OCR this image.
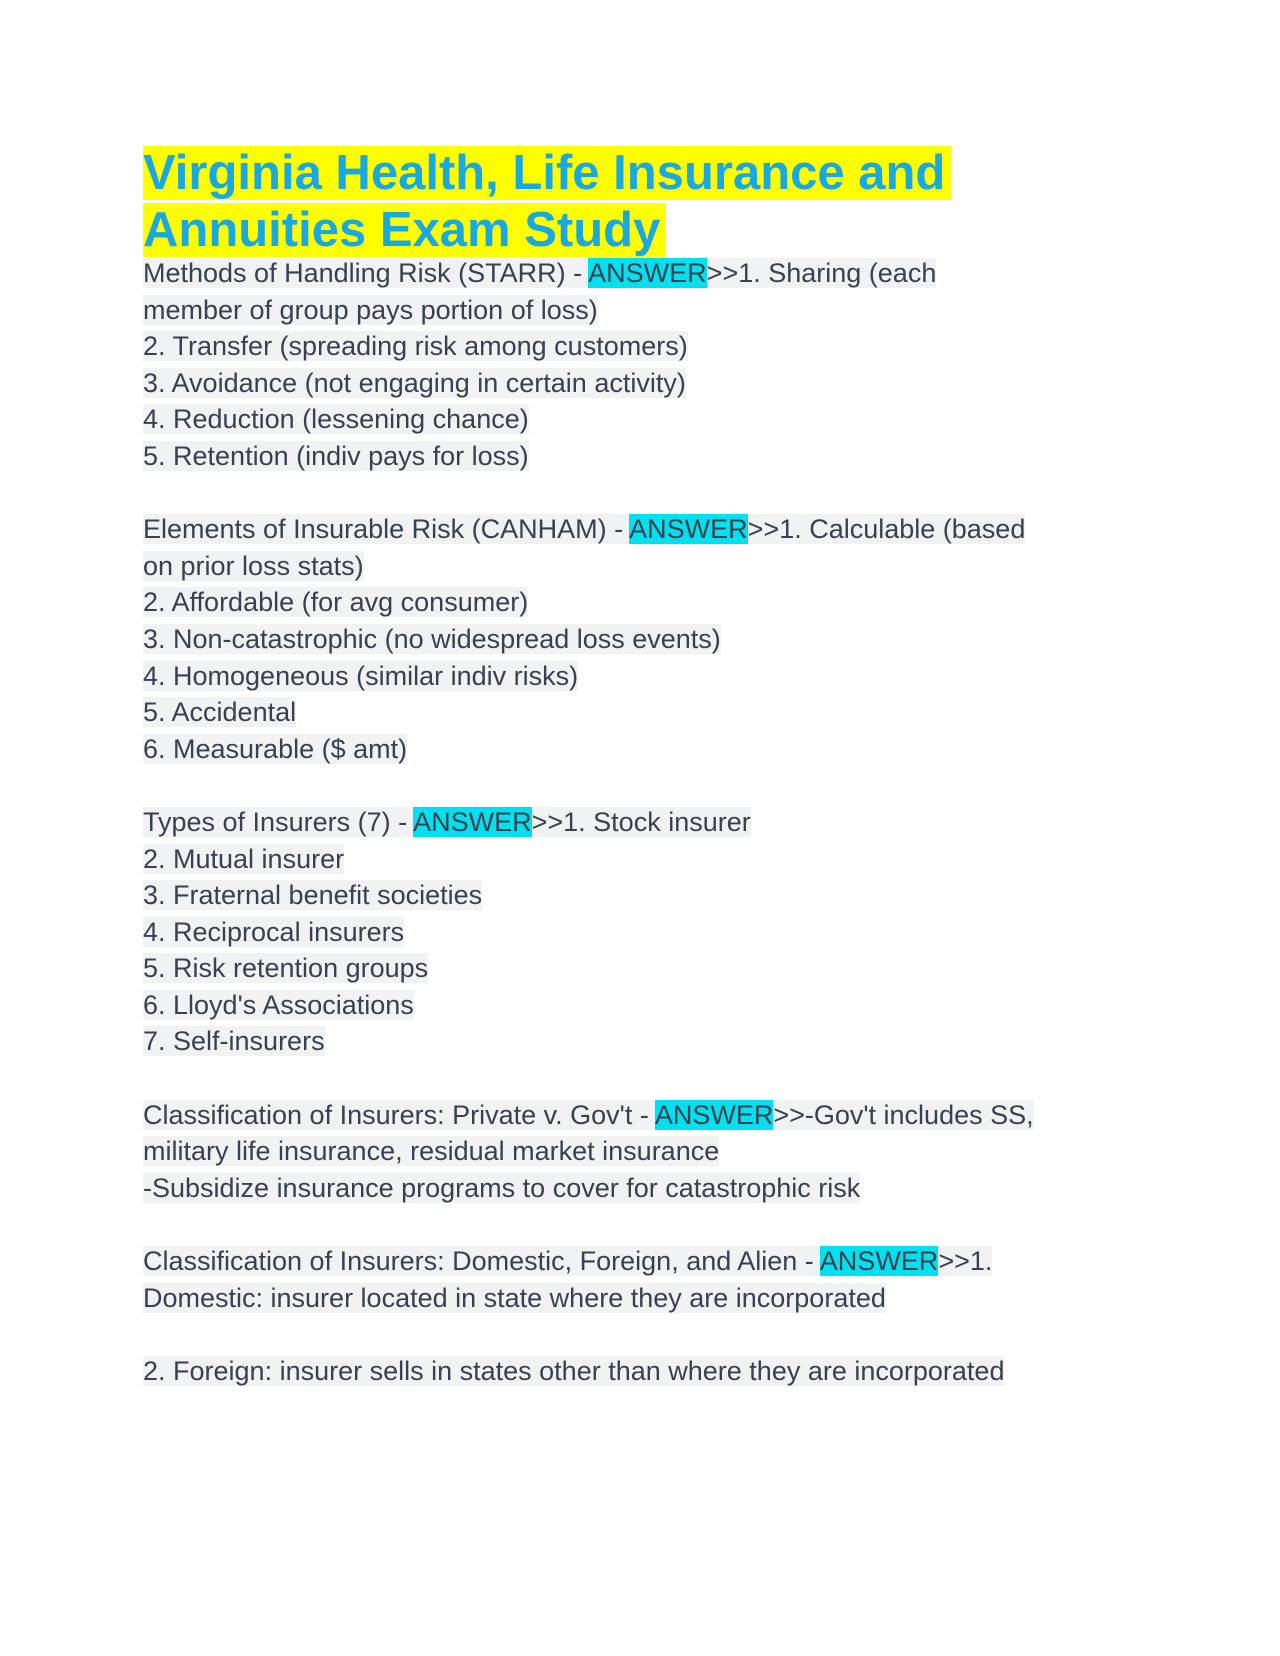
Virginia Health, Life Insurance and
Annuities Exam Study

Methods of Handling Risk (STARR) - ANSWER>>1. Sharing (each
member of group pays portion of loss)
2. Transfer (spreading risk among customers)
3. Avoidance (not engaging in certain activity)
4. Reduction (lessening chance)
5. Retention (indiv pays for loss)

Elements of Insurable Risk (CANHAM) - ANSWER>>1. Calculable (based
on prior loss stats)
2. Affordable (for avg consumer)
3. Non-catastrophic (no widespread loss events)
4. Homogeneous (similar indiv risks)
5. Accidental
6. Measurable ($ amt)

Types of Insurers (7) - ANSWER>>1. Stock insurer
2. Mutual insurer
3. Fraternal benefit societies
4. Reciprocal insurers
5. Risk retention groups
6. Lloyd's Associations
7. Self-insurers

Classification of Insurers: Private v. Gov't - ANSWER>>-Gov't includes SS,
military life insurance, residual market insurance
-Subsidize insurance programs to cover for catastrophic risk

Classification of Insurers: Domestic, Foreign, and Alien - ANSWER>>1.
Domestic: insurer located in state where they are incorporated

2. Foreign: insurer sells in states other than where they are incorporated
